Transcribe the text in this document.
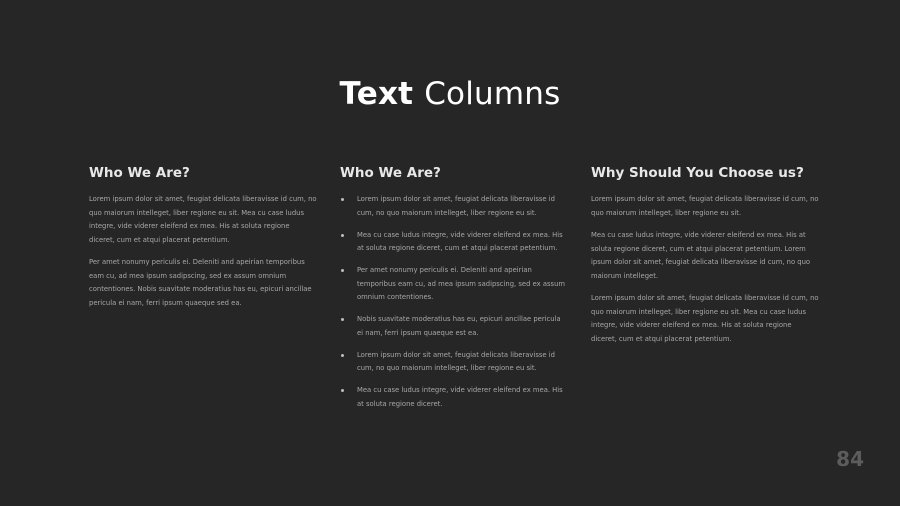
Text Columns
Who We Are?

Lorem ipsum dolor sit amet, feugiat delicata liberavisse id cum, no quo maiorum intelleget, liber regione eu sit. Mea cu case ludus integre, vide viderer eleifend ex mea. His at soluta regione diceret, cum et atqui placerat petentium.

Per amet nonumy periculis ei. Deleniti and apeirian temporibus eam cu, ad mea ipsum sadipscing, sed ex assum omnium contentiones. Nobis suavitate moderatius has eu, epicuri ancillae pericula ei nam, ferri ipsum quaeque sed ea.

Who We Are?
Lorem ipsum dolor sit amet, feugiat delicata liberavisse id cum, no quo maiorum intelleget, liber regione eu sit.
Mea cu case ludus integre, vide viderer eleifend ex mea. His at soluta regione diceret, cum et atqui placerat petentium.
Per amet nonumy periculis ei. Deleniti and apeirian temporibus eam cu, ad mea ipsum sadipscing, sed ex assum omnium contentiones.
Nobis suavitate moderatius has eu, epicuri ancillae pericula ei nam, ferri ipsum quaeque est ea.
Lorem ipsum dolor sit amet, feugiat delicata liberavisse id cum, no quo maiorum intelleget, liber regione eu sit.
Mea cu case ludus integre, vide viderer eleifend ex mea. His at soluta regione diceret.
Why Should You Choose us?

Lorem ipsum dolor sit amet, feugiat delicata liberavisse id cum, no quo maiorum intelleget, liber regione eu sit.

Mea cu case ludus integre, vide viderer eleifend ex mea. His at soluta regione diceret, cum et atqui placerat petentium. Lorem ipsum dolor sit amet, feugiat delicata liberavisse id cum, no quo maiorum intelleget.

Lorem ipsum dolor sit amet, feugiat delicata liberavisse id cum, no quo maiorum intelleget, liber regione eu sit. Mea cu case ludus integre, vide viderer eleifend ex mea. His at soluta regione diceret, cum et atqui placerat petentium.

84
